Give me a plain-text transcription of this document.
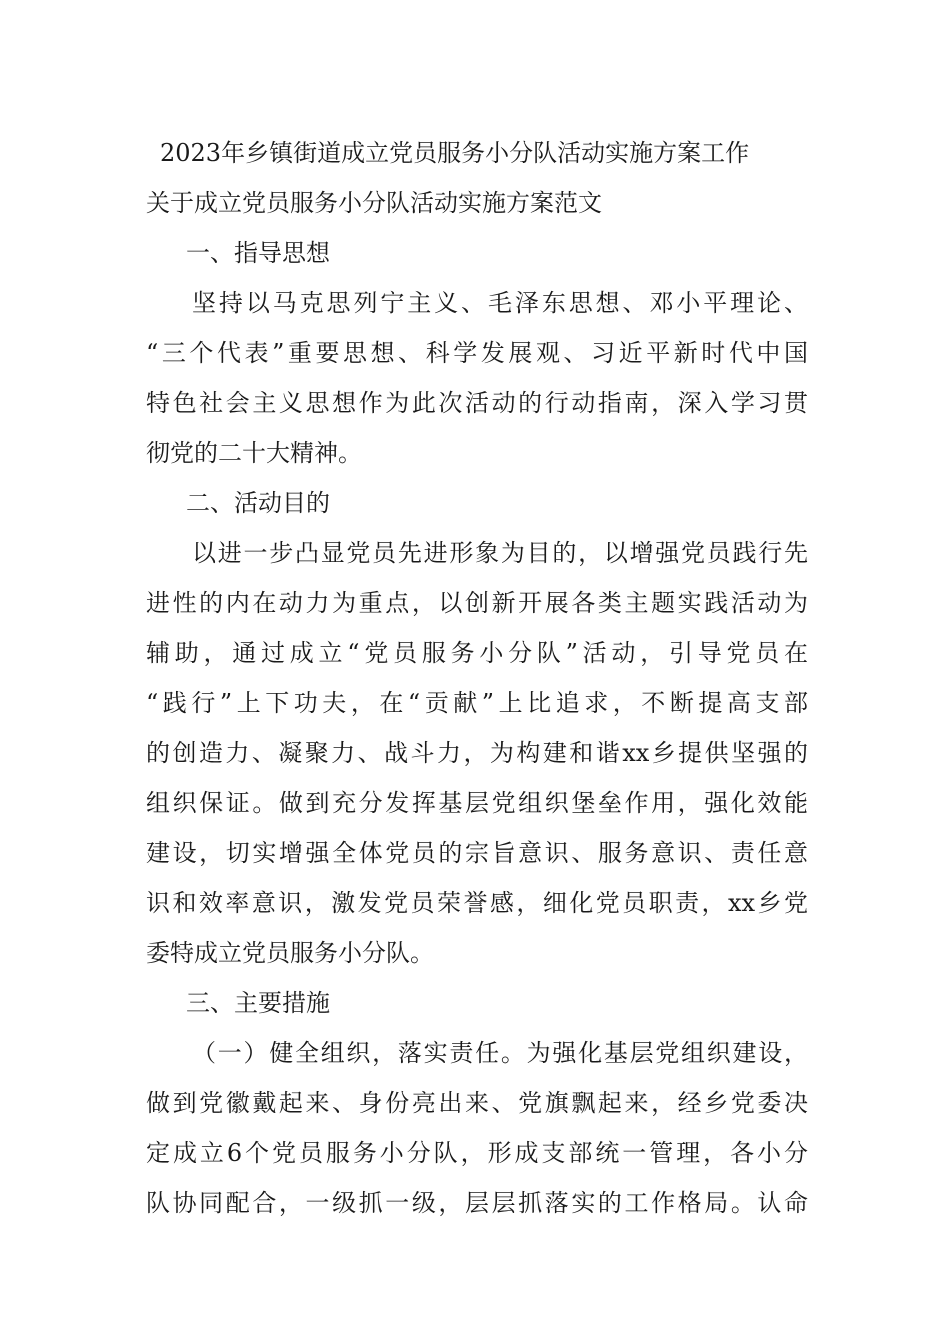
2023年乡镇街道成立党员服务小分队活动实施方案工作
关于成立党员服务小分队活动实施方案范文
一、指导思想
坚持以马克思列宁主义、毛泽东思想、邓小平理论、
“三个代表”重要思想、科学发展观、习近平新时代中国
特色社会主义思想作为此次活动的行动指南，深入学习贯
彻党的二十大精神。
二、活动目的
以进一步凸显党员先进形象为目的，以增强党员践行先
进性的内在动力为重点，以创新开展各类主题实践活动为
辅助，通过成立“党员服务小分队”活动，引导党员在
“践行”上下功夫，在“贡献”上比追求，不断提高支部
的创造力、凝聚力、战斗力，为构建和谐xx乡提供坚强的
组织保证。做到充分发挥基层党组织堡垒作用，强化效能
建设，切实增强全体党员的宗旨意识、服务意识、责任意
识和效率意识，激发党员荣誉感，细化党员职责，xx乡党
委特成立党员服务小分队。
三、主要措施
（一）健全组织，落实责任。为强化基层党组织建设，
做到党徽戴起来、身份亮出来、党旗飘起来，经乡党委决
定成立6个党员服务小分队，形成支部统一管理，各小分
队协同配合，一级抓一级，层层抓落实的工作格局。认命
